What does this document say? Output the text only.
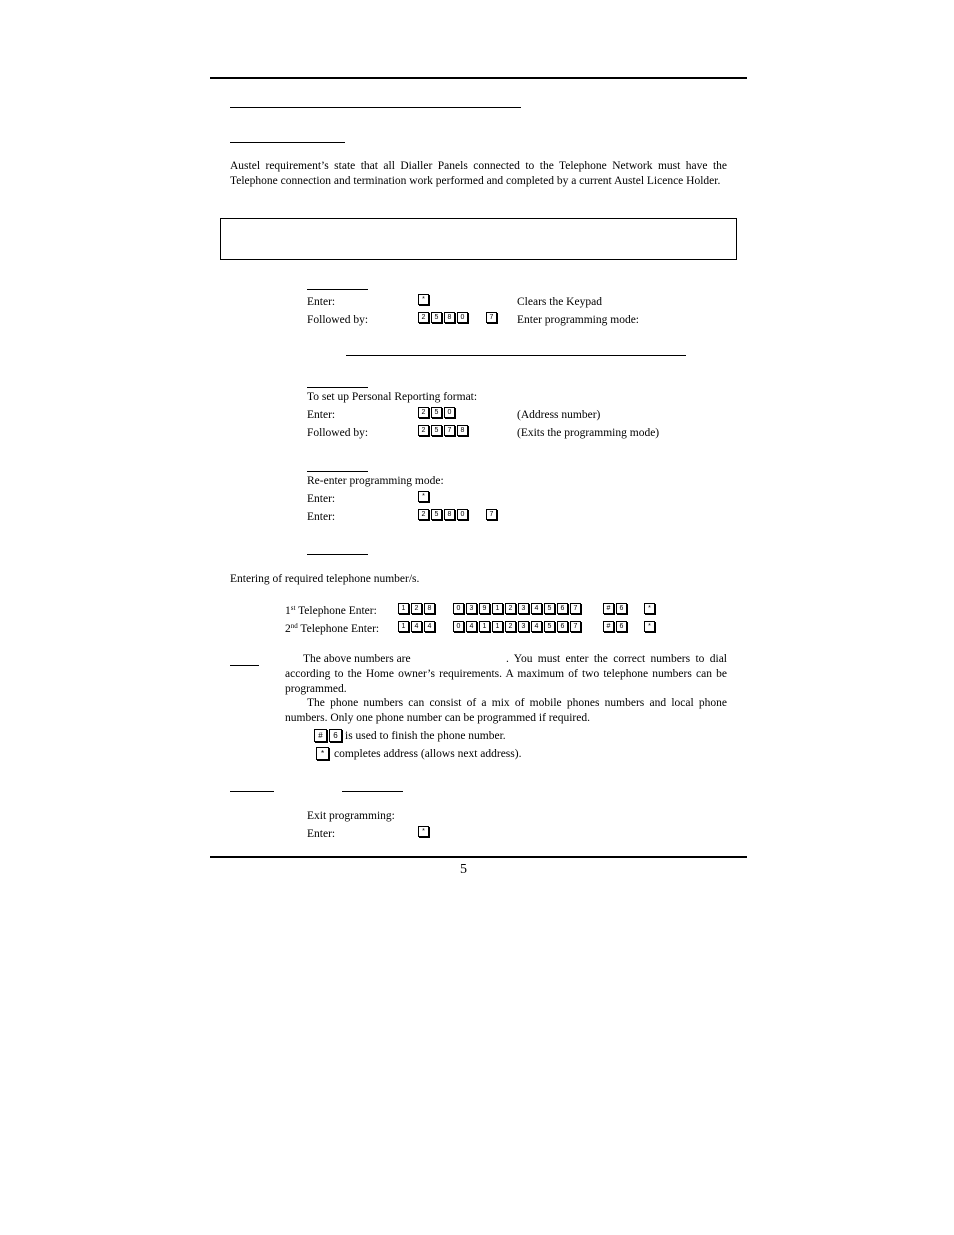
Austel requirement’s state that all Dialler Panels connected to the Telephone Network must have the Telephone connection and termination work performed and completed by a current Austel Licence Holder.
Enter:	*	Clears the Keypad
Followed by:	2	5	8	0	7	Enter programming mode:
To set up Personal Reporting format:
Enter:	2	5	0	(Address number)
Followed by:	2	5	7	8	(Exits the programming mode)
Re-enter programming mode:
Enter:	*
Enter:	2	5	8	0	7
Entering of required telephone number/s.
1st Telephone Enter:	1	2	8	0	3	9	1	2	3	4	5	6	7	#	6	*
2nd Telephone Enter:	1	4	4	0	4	1	1	2	3	4	5	6	7	#	6	*
The above numbers are	. You must enter the correct numbers to dial according to the Home owner’s requirements. A maximum of two telephone numbers can be programmed.
The phone numbers can consist of a mix of mobile phones numbers and local phone numbers. Only one phone number can be programmed if required.
#	6 is used to finish the phone number.
* completes address (allows next address).
Exit programming:
Enter:	*
5
